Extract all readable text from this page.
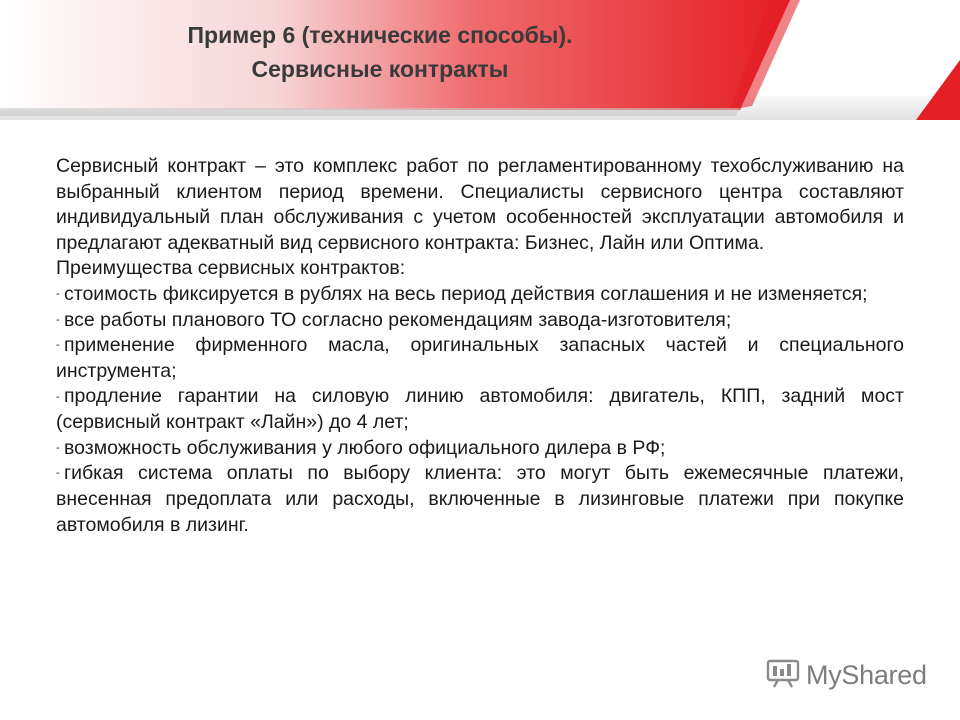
Пример 6 (технические способы).
Сервисные контракты

Сервисный контракт – это комплекс работ по регламентированному техобслуживанию на выбранный клиентом период времени. Специалисты сервисного центра составляют индивидуальный план обслуживания с учетом особенностей эксплуатации автомобиля и предлагают адекватный вид сервисного контракта: Бизнес, Лайн или Оптима.

Преимущества сервисных контрактов:

- стоимость фиксируется в рублях на весь период действия соглашения и не изменяется;

- все работы планового ТО согласно рекомендациям завода-изготовителя;

- применение фирменного масла, оригинальных запасных частей и специального инструмента;

- продление гарантии на силовую линию автомобиля: двигатель, КПП, задний мост (сервисный контракт «Лайн») до 4 лет;

- возможность обслуживания у любого официального дилера в РФ;

- гибкая система оплаты по выбору клиента: это могут быть ежемесячные платежи, внесенная предоплата или расходы, включенные в лизинговые платежи при покупке автомобиля в лизинг.

MyShared
